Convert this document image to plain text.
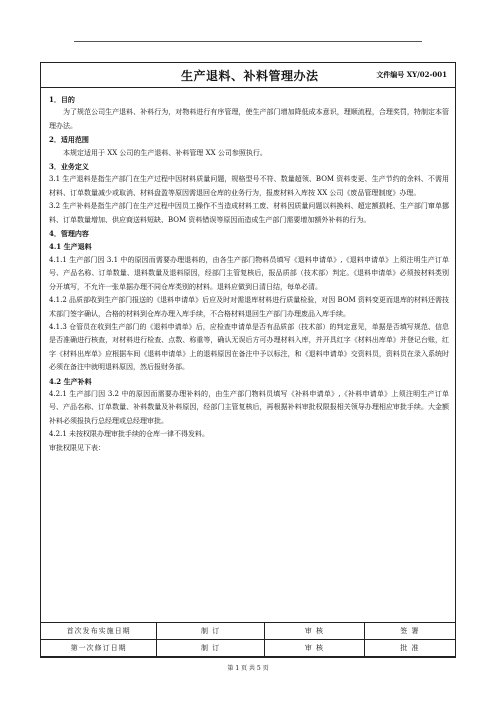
生产退料、补料管理办法	文件编号 XY/02-001

1．目的

为了规范公司生产退料、补料行为，对物料进行有序管理，使生产部门增加降低成本意识，理顺流程，合理奖罚，特制定本管理办法。

2．适用范围

本规定适用于 XX 公司的生产退料、补料管理 XX 公司参照执行。

3．业务定义

3.1 生产退料是指生产部门在生产过程中因材料质量问题，规格型号不符、数量超领、BOM 资料变更、生产节约的余料、不需用材料、订单数量减少或取消、材料盘盈等原因需退回仓库的业务行为，报废材料入库按 XX 公司《废品管理制度》办理。

3.2 生产补料是指生产部门在生产过程中因员工操作不当造成材料工废、材料因质量问题以料换料、超定额损耗、生产部门窜单挪料、订单数量增加、供应商送料短缺、BOM 资料错误等原因而造成生产部门需要增加额外补料的行为。

4．管理内容

4.1 生产退料

4.1.1 生产部门因 3.1 中的原因而需要办理退料的，由各生产部门物料员填写《退料申请单》,《退料申请单》上须注明生产订单号、产品名称、订单数量、退料数量及退料原因，经部门主管复核后，报品质部（技术部）判定。《退料申请单》必须按材料类别分开填写，不允许一张单据办理不同仓库类别的材料。退料应做到日清日结，每单必清。

4.1.2 品质部收到生产部门报送的《退料申请单》后应及时对需退库材料进行质量检验，对因 BOM 资料变更而退库的材料还需技术部门签字确认，合格的材料到仓库办理入库手续，不合格材料退回生产部门办理废品入库手续。

4.1.3 仓管员在收到生产部门的《退料申请单》后，应检查申请单是否有品质部（技术部）的判定意见，单据是否填写规范、信息是否准确进行核查，对材料进行检查、点数、称重等，确认无误后方可办理材料入库，并开具红字《材料出库单》并登记台账，红字《材料出库单》应根据车间《退料申请单》上的退料原因在备注中予以标注，和《退料申请单》交资料员，资料员在录入系统时必须在备注中就明退料原因，然后报财务部。

4.2 生产补料

4.2.1 生产部门因 3.2 中的原因而需要办理补料的，由生产部门物料员填写《补料申请单》,《补料申请单》上须注明生产订单号、产品名称、订单数量、补料数量及补料原因，经部门主管复核后，再根据补料审批权限报相关领导办理相应审批手续。大金额补料必须报执行总经理或总经理审批。

4.2.1 未按权限办理审批手续的仓库一律不得发料。

审批权限见下表：

首次发布实施日期	制 订	审 核	签 署
第一次修订日期	制 订	审 核	批 准
第 1 页 共 5 页
